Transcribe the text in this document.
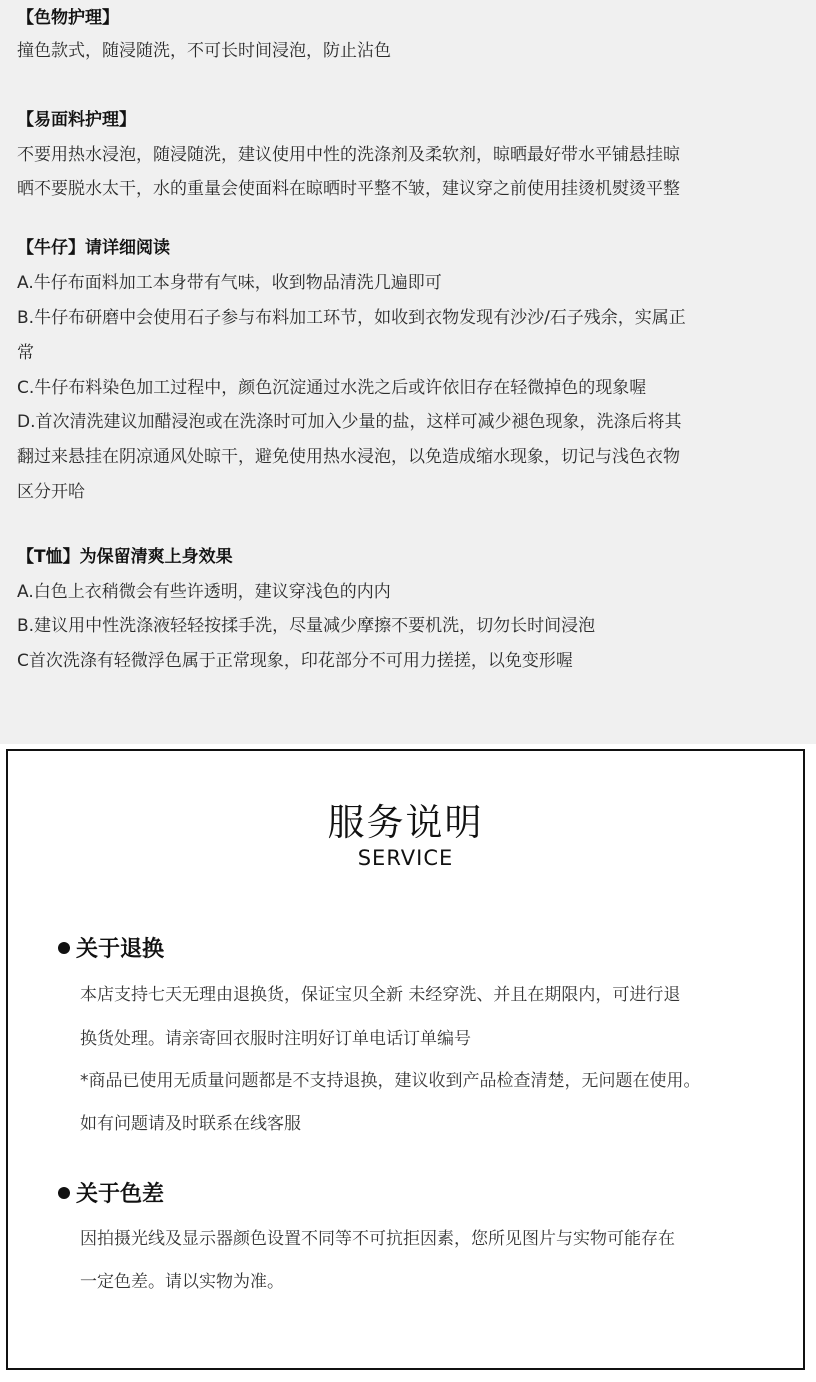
【色物护理】
撞色款式，随浸随洗，不可长时间浸泡，防止沾色
【易面料护理】
不要用热水浸泡，随浸随洗，建议使用中性的洗涤剂及柔软剂，晾晒最好带水平铺悬挂晾
晒不要脱水太干，水的重量会使面料在晾晒时平整不皱，建议穿之前使用挂烫机熨烫平整
【牛仔】请详细阅读
A.牛仔布面料加工本身带有气味，收到物品清洗几遍即可
B.牛仔布研磨中会使用石子参与布料加工环节，如收到衣物发现有沙沙/石子残余，实属正
常
C.牛仔布料染色加工过程中，颜色沉淀通过水洗之后或许依旧存在轻微掉色的现象喔
D.首次清洗建议加醋浸泡或在洗涤时可加入少量的盐，这样可减少褪色现象，洗涤后将其
翻过来悬挂在阴凉通风处晾干，避免使用热水浸泡，以免造成缩水现象，切记与浅色衣物
区分开哈
【T恤】为保留清爽上身效果
A.白色上衣稍微会有些许透明，建议穿浅色的内内
B.建议用中性洗涤液轻轻按揉手洗，尽量减少摩擦不要机洗，切勿长时间浸泡
C首次洗涤有轻微浮色属于正常现象，印花部分不可用力搓搓，以免变形喔
服务说明
SERVICE
关于退换
本店支持七天无理由退换货，保证宝贝全新 未经穿洗、并且在期限内，可进行退
换货处理。请亲寄回衣服时注明好订单电话订单编号
*商品已使用无质量问题都是不支持退换，建议收到产品检查清楚，无问题在使用。
如有问题请及时联系在线客服
关于色差
因拍摄光线及显示器颜色设置不同等不可抗拒因素，您所见图片与实物可能存在
一定色差。请以实物为准。
